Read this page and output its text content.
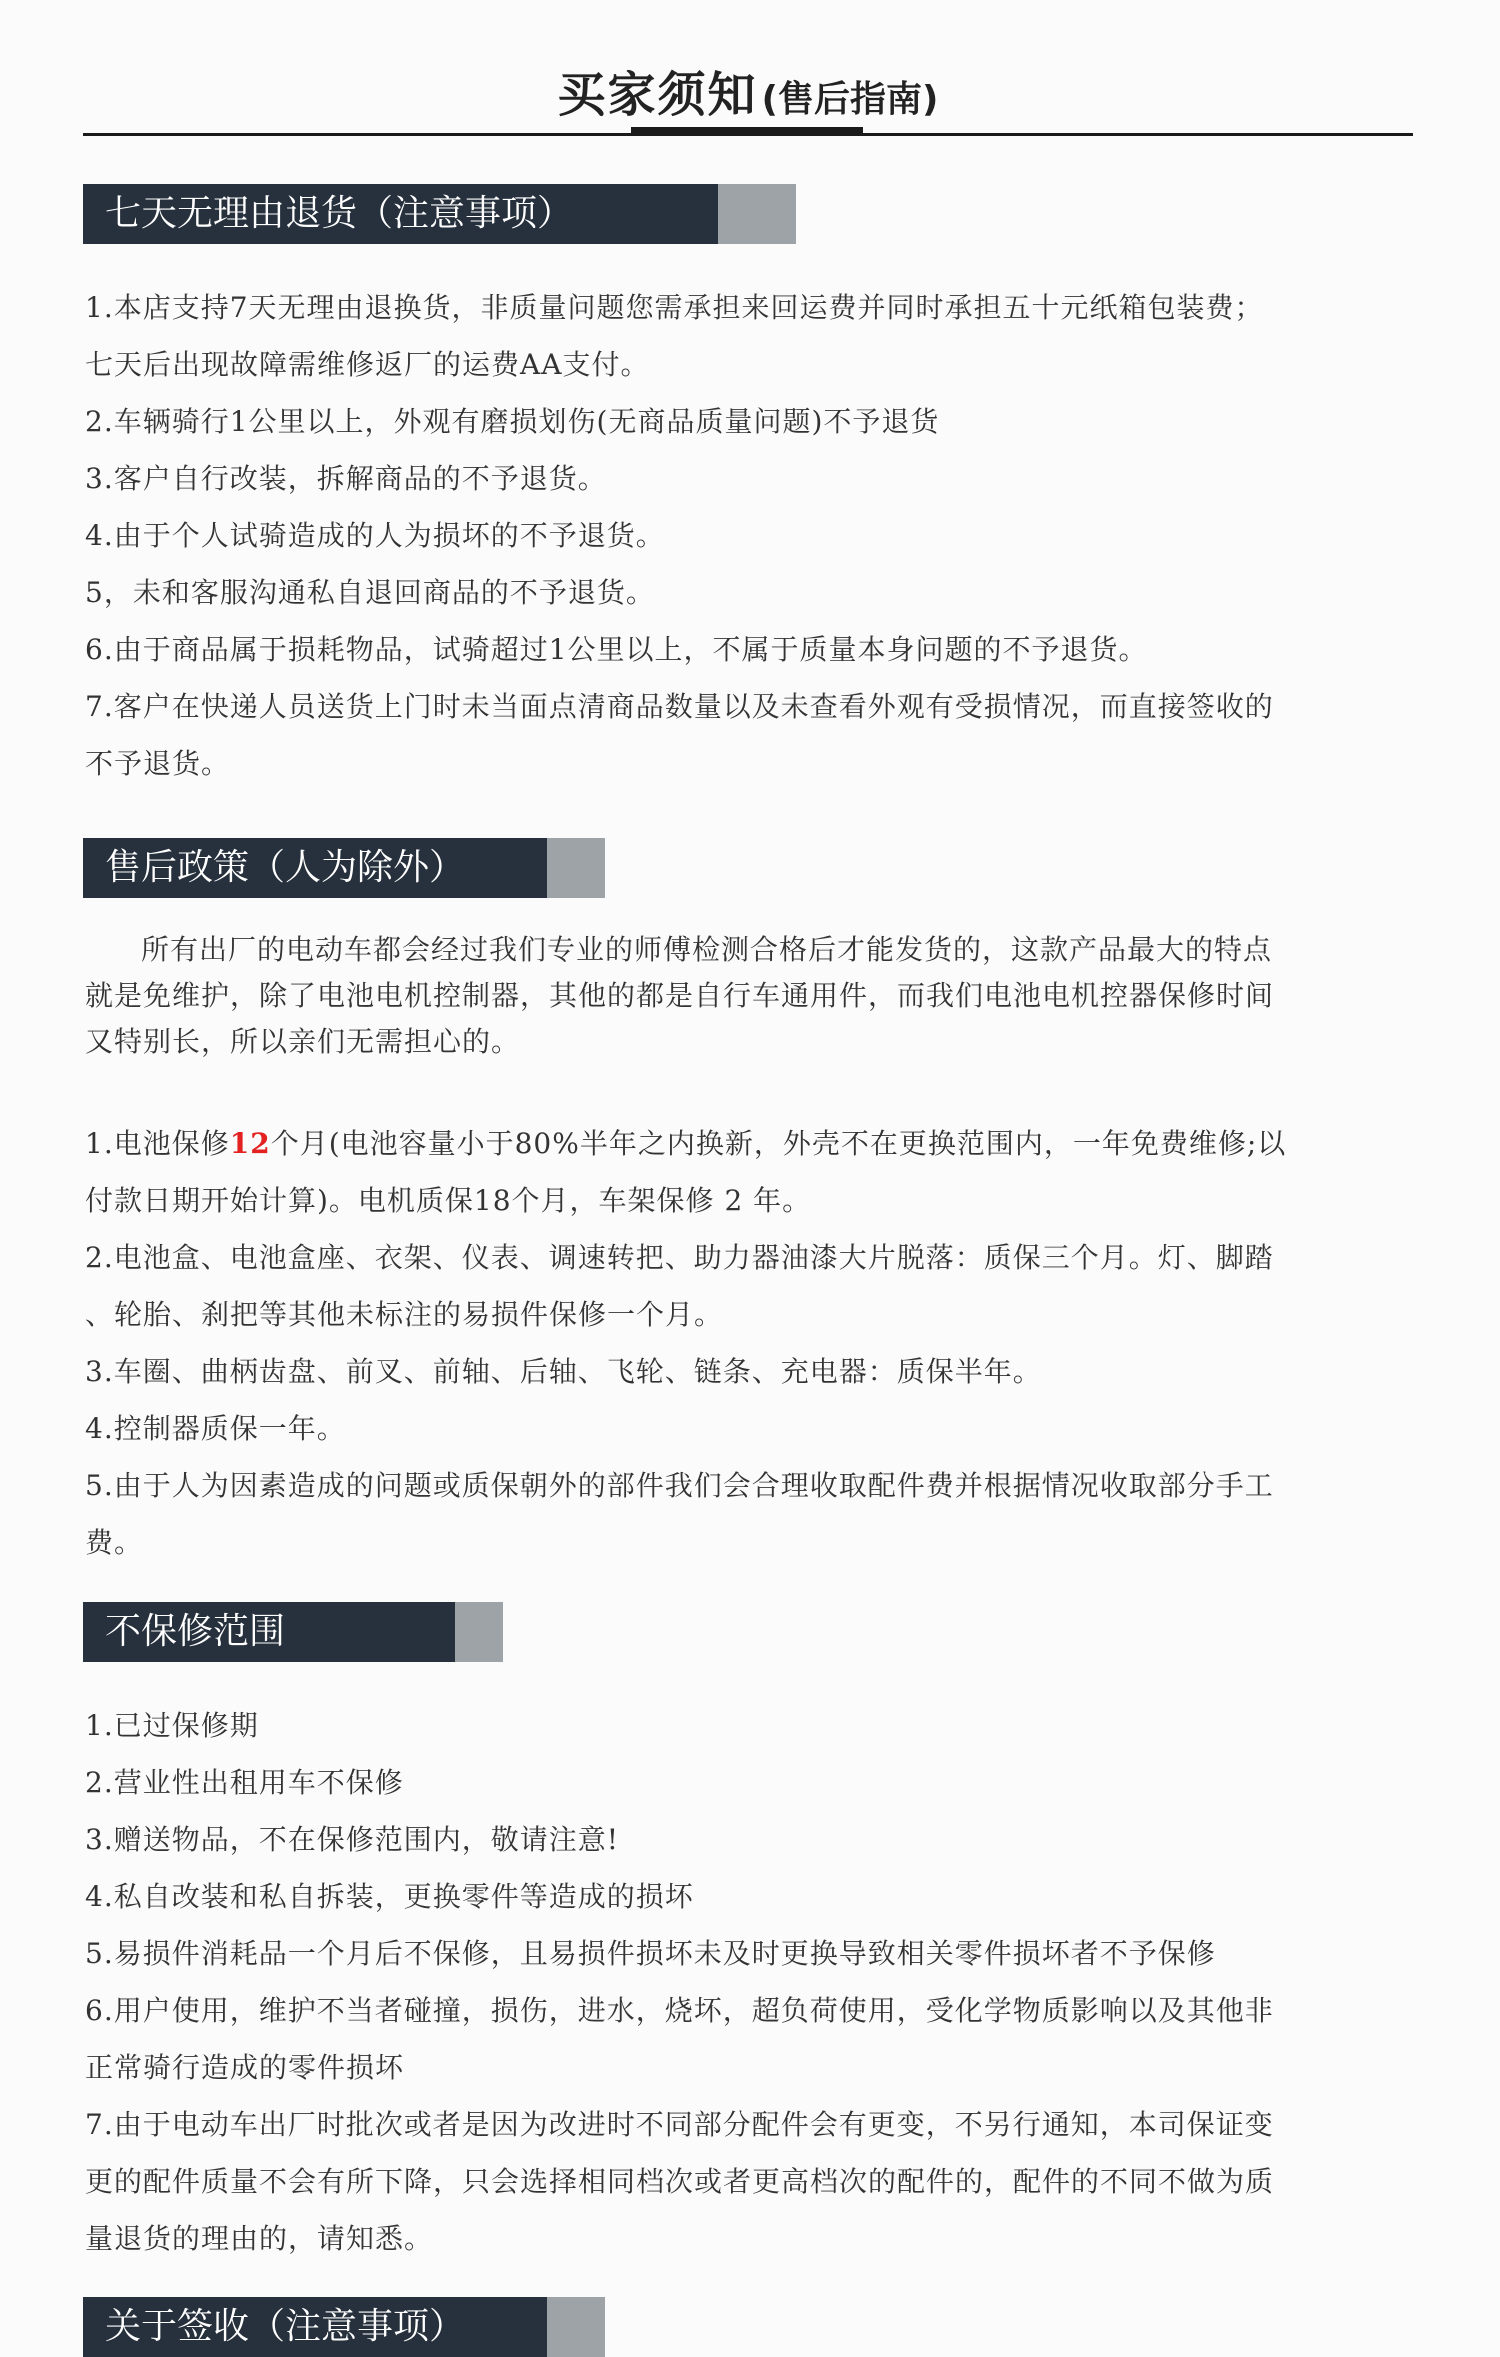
买家须知 (售后指南)
七天无理由退货（注意事项）
1.本店支持7天无理由退换货，非质量问题您需承担来回运费并同时承担五十元纸箱包装费；
七天后出现故障需维修返厂的运费AA支付。
2.车辆骑行1公里以上，外观有磨损划伤(无商品质量问题)不予退货
3.客户自行改装，拆解商品的不予退货。
4.由于个人试骑造成的人为损坏的不予退货。
5，未和客服沟通私自退回商品的不予退货。
6.由于商品属于损耗物品，试骑超过1公里以上，不属于质量本身问题的不予退货。
7.客户在快递人员送货上门时未当面点清商品数量以及未查看外观有受损情况，而直接签收的
不予退货。
售后政策（人为除外）
所有出厂的电动车都会经过我们专业的师傅检测合格后才能发货的，这款产品最大的特点
就是免维护，除了电池电机控制器，其他的都是自行车通用件，而我们电池电机控器保修时间
又特别长，所以亲们无需担心的。
1.电池保修12个月(电池容量小于80%半年之内换新，外壳不在更换范围内，一年免费维修;以
付款日期开始计算)。电机质保18个月，车架保修 2 年。
2.电池盒、电池盒座、衣架、仪表、调速转把、助力器油漆大片脱落：质保三个月。灯、脚踏
、轮胎、刹把等其他未标注的易损件保修一个月。
3.车圈、曲柄齿盘、前叉、前轴、后轴、飞轮、链条、充电器：质保半年。
4.控制器质保一年。
5.由于人为因素造成的问题或质保朝外的部件我们会合理收取配件费并根据情况收取部分手工
费。
不保修范围
1.已过保修期
2.营业性出租用车不保修
3.赠送物品，不在保修范围内，敬请注意!
4.私自改装和私自拆装，更换零件等造成的损坏
5.易损件消耗品一个月后不保修，且易损件损坏未及时更换导致相关零件损坏者不予保修
6.用户使用，维护不当者碰撞，损伤，进水，烧坏，超负荷使用，受化学物质影响以及其他非
正常骑行造成的零件损坏
7.由于电动车出厂时批次或者是因为改进时不同部分配件会有更变，不另行通知，本司保证变
更的配件质量不会有所下降，只会选择相同档次或者更高档次的配件的，配件的不同不做为质
量退货的理由的，请知悉。
关于签收（注意事项）
